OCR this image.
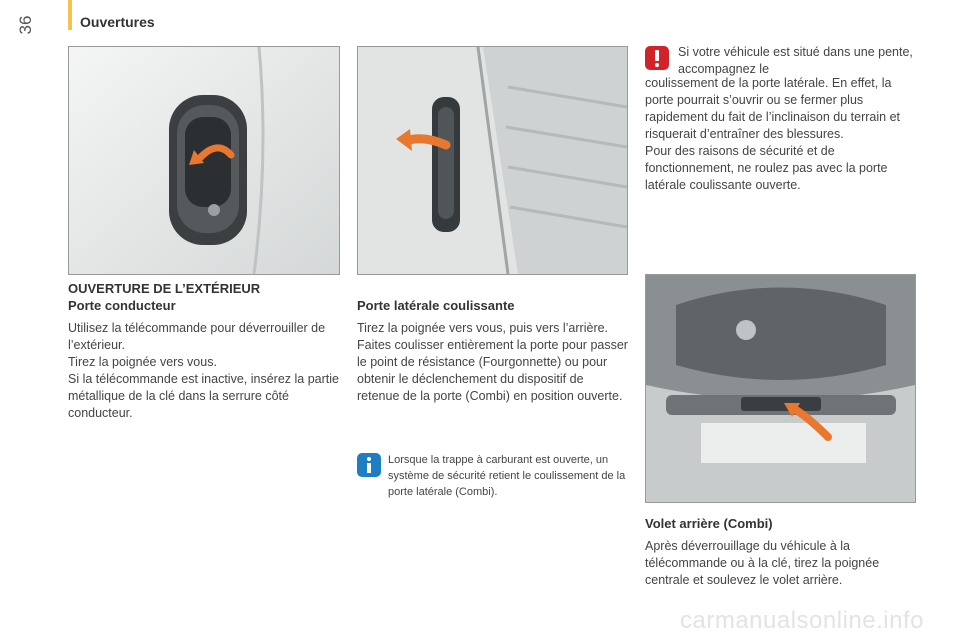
36	Ouvertures
OUVERTURE DE L’EXTÉRIEUR
Porte conducteur

Utilisez la télécommande pour déverrouiller de l’extérieur.
Tirez la poignée vers vous.
Si la télécommande est inactive, insérez la partie métallique de la clé dans la serrure côté conducteur.

Porte latérale coulissante

Tirez la poignée vers vous, puis vers l’arrière.
Faites coulisser entièrement la porte pour passer le point de résistance (Fourgonnette) ou pour obtenir le déclenchement du dispositif de retenue de la porte (Combi) en position ouverte.

Lorsque la trappe à carburant est ouverte, un système de sécurité retient le coulissement de la porte latérale (Combi).

Si votre véhicule est situé dans une pente, accompagnez le

coulissement de la porte latérale. En effet, la porte pourrait s’ouvrir ou se fermer plus rapidement du fait de l’inclinaison du terrain et risquerait d’entraîner des blessures.
Pour des raisons de sécurité et de fonctionnement, ne roulez pas avec la porte latérale coulissante ouverte.

Volet arrière (Combi)

Après déverrouillage du véhicule à la télécommande ou à la clé, tirez la poignée centrale et soulevez le volet arrière.

carmanualsonline.info
